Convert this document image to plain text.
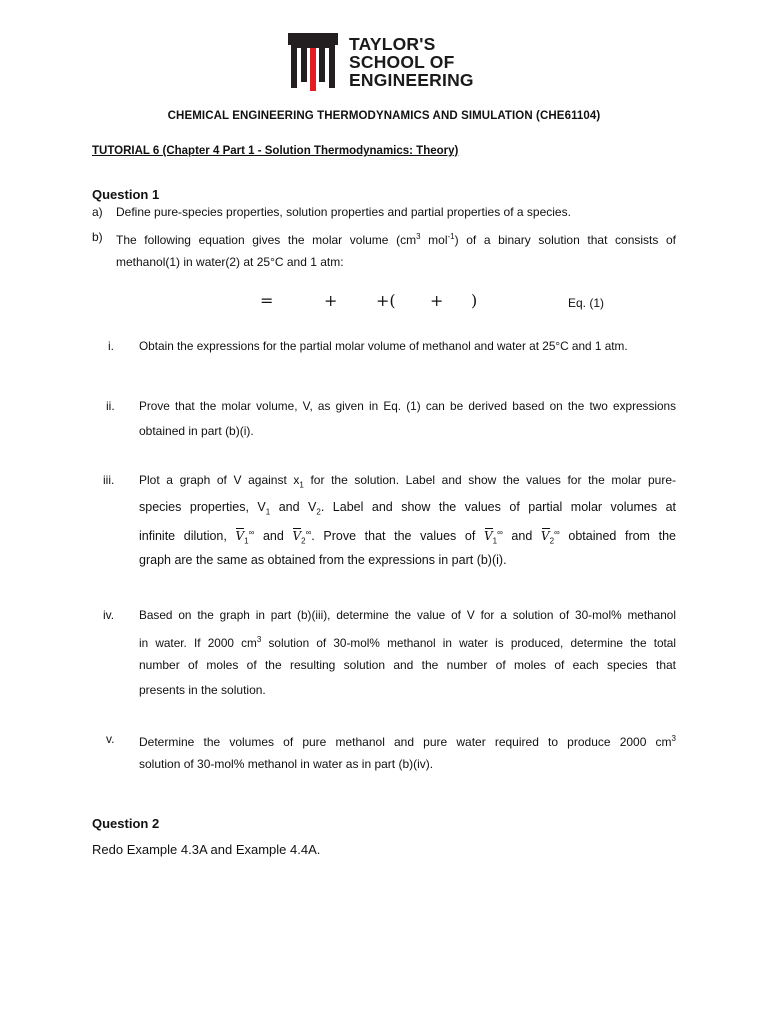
TAYLOR'S
SCHOOL OF
ENGINEERING
CHEMICAL ENGINEERING THERMODYNAMICS AND SIMULATION (CHE61104)
TUTORIAL 6 (Chapter 4 Part 1 - Solution Thermodynamics: Theory)
Question 1
a) Define pure-species properties, solution properties and partial properties of a species.
b) The following equation gives the molar volume ($cm^3$ mol$^{-1}$) of a binary solution that consists of
methanol(1) in water(2) at 25°C and 1 atm:
=	+ +( + )	Eq. (1)
i. Obtain the expressions for the partial molar volume of methanol and water at 25°C and 1 atm.
ii. Prove that the molar volume, V, as given in Eq. (1) can be derived based on the two expressions
obtained in part (b)(i).
iii. Plot a graph of V against $x_1$ for the solution. Label and show the values for the molar pure-
species properties, $V_1$ and $V_2$. Label and show the values of partial molar volumes at
infinite dilution, $V_1^\infty$ and $V_2^\infty$. Prove that the values of $V_1^\infty$ and $V_2^\infty$ obtained from the
graph are the same as obtained from the expressions in part (b)(i).
iv. Based on the graph in part (b)(iii), determine the value of V for a solution of 30-mol% methanol
in water. If 2000 $cm^3$ solution of 30-mol% methanol in water is produced, determine the total
number of moles of the resulting solution and the number of moles of each species that
presents in the solution.
v. Determine the volumes of pure methanol and pure water required to produce 2000 $cm^3$
solution of 30-mol% methanol in water as in part (b)(iv).
Question 2
Redo Example 4.3A and Example 4.4A.
